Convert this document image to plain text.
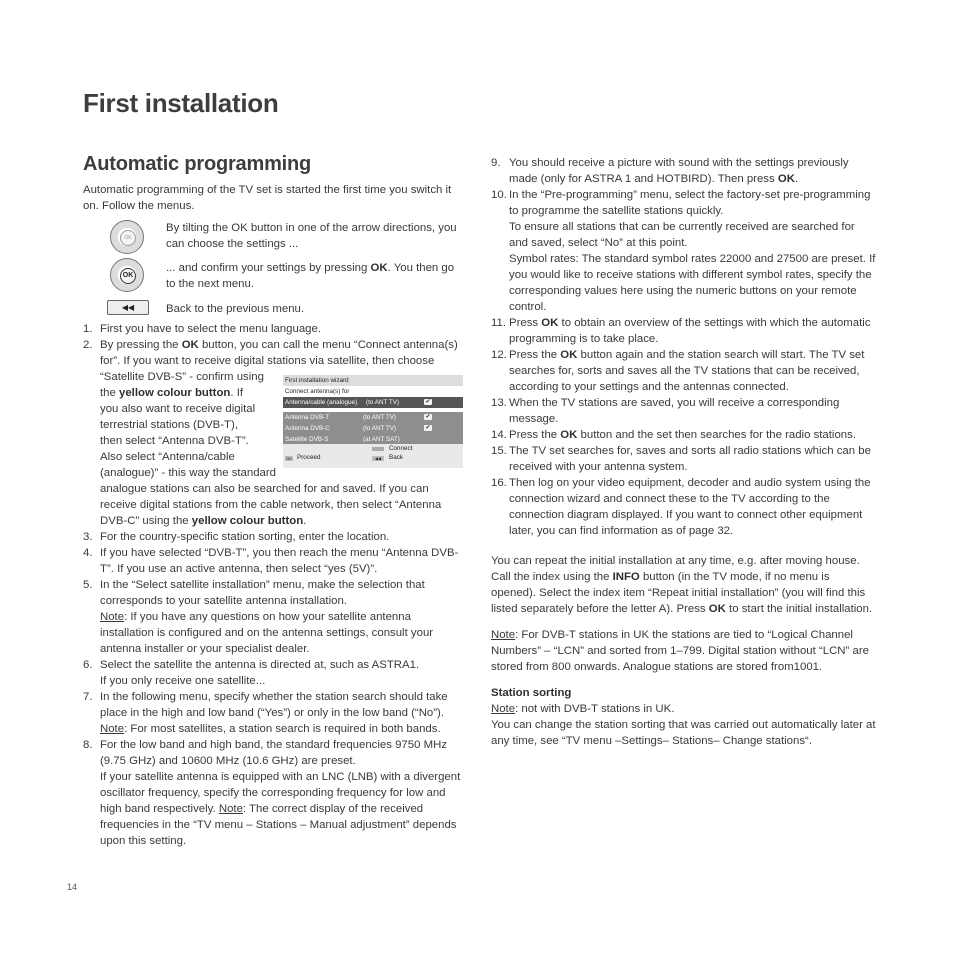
First installation
Automatic programming

Automatic programming of the TV set is started the first time you switch it on. Follow the menus.

OK
By tilting the OK button in one of the arrow directions, you can choose the settings ...
OK
... and confirm your settings by pressing OK. You then go to the next menu.
◀◀	Back to the previous menu.
1. First you have to select the menu language.
2. By pressing the OK button, you can call the menu “Connect antenna(s) for”. If you want to receive digital stations via satellite, then choose
“Satellite DVB-S” - confirm using
the yellow colour button. If
you also want to receive digital
terrestrial stations (DVB-T),
then select “Antenna DVB-T”.
Also select “Antenna/cable
(analogue)” - this way the standard
analogue stations can also be searched for and saved. If you can receive digital stations from the cable network, then select “Antenna DVB-C” using the yellow colour button.
3. For the country-specific station sorting, enter the location.
4. If you have selected “DVB-T”, you then reach the menu “Antenna DVB-T”. If you use an active antenna, then select “yes (5V)”.
5. In the “Select satellite installation” menu, make the selection that corresponds to your satellite antenna installation.
Note: If you have any questions on how your satellite antenna installation is configured and on the antenna settings, consult your antenna installer or your specialist dealer.
6. Select the satellite the antenna is directed at, such as ASTRA1.
If you only receive one satellite...
7. In the following menu, specify whether the station search should take place in the high and low band (“Yes”) or only in the low band (“No”).
Note: For most satellites, a station search is required in both bands.
8. For the low band and high band, the standard frequencies 9750 MHz (9.75 GHz) and 10600 MHz (10.6 GHz) are preset.
If your satellite antenna is equipped with an LNC (LNB) with a divergent oscillator frequency, specify the corresponding frequency for low and high band respectively. Note: The correct display of the received frequencies in the “TV menu – Stations – Manual adjustment” depends upon this setting.
First installation wizard
Connect antenna(s) for
Antenna/cable (analogue) (to ANT TV)	✔
Antenna DVB-T	(to ANT TV)	✔
Antenna DVB-C	(to ANT TV)	✔
Satellite DVB-S	(at ANT SAT)
OK Proceed
Connect
◀◀	Back
9. You should receive a picture with sound with the settings previously made (only for ASTRA 1 and HOTBIRD). Then press OK.
10. In the “Pre-programming” menu, select the factory-set pre-programming to programme the satellite stations quickly.
To ensure all stations that can be currently received are searched for and saved, select “No” at this point.
Symbol rates: The standard symbol rates 22000 and 27500 are preset. If you would like to receive stations with different symbol rates, specify the corresponding values here using the numeric buttons on your remote control.
11. Press OK to obtain an overview of the settings with which the automatic programming is to take place.
12. Press the OK button again and the station search will start. The TV set searches for, sorts and saves all the TV stations that can be received, according to your settings and the antennas connected.
13. When the TV stations are saved, you will receive a corresponding message.
14. Press the OK button and the set then searches for the radio stations.
15. The TV set searches for, saves and sorts all radio stations which can be received with your antenna system.
16. Then log on your video equipment, decoder and audio system using the connection wizard and connect these to the TV according to the connection diagram displayed. If you want to connect other equipment later, you can find information as of page 32.

You can repeat the initial installation at any time, e.g. after moving house. Call the index using the INFO button (in the TV mode, if no menu is opened). Select the index item “Repeat initial installation” (you will find this listed separately before the letter A). Press OK to start the initial installation.

Note: For DVB-T stations in UK the stations are tied to “Logical Channel Numbers” – “LCN” and sorted from 1–799. Digital station without “LCN” are stored from 800 onwards. Analogue stations are stored from1001.

Station sorting

Note: not with DVB-T stations in UK.

You can change the station sorting that was carried out automatically later at any time, see “TV menu –Settings– Stations– Change stations“.

14
